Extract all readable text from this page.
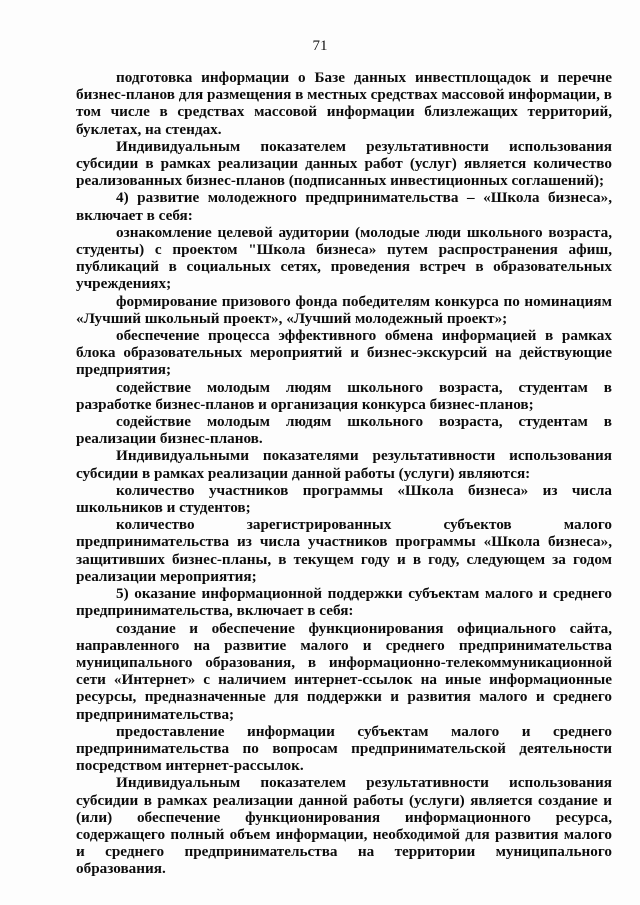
71

подготовка информации о Базе данных инвестплощадок и перечне бизнес-планов для размещения в местных средствах массовой информации, в том числе в средствах массовой информации близлежащих территорий, буклетах, на стендах.

Индивидуальным показателем результативности использования субсидии в рамках реализации данных работ (услуг) является количество реализованных бизнес-планов (подписанных инвестиционных соглашений);

4) развитие молодежного предпринимательства – «Школа бизнеса», включает в себя:

ознакомление целевой аудитории (молодые люди школьного возраста, студенты) с проектом "Школа бизнеса» путем распространения афиш, публикаций в социальных сетях, проведения встреч в образовательных учреждениях;

формирование призового фонда победителям конкурса по номинациям «Лучший школьный проект», «Лучший молодежный проект»;

обеспечение процесса эффективного обмена информацией в рамках блока образовательных мероприятий и бизнес-экскурсий на действующие предприятия;

содействие молодым людям школьного возраста, студентам в разработке бизнес-планов и организация конкурса бизнес-планов;

содействие молодым людям школьного возраста, студентам в реализации бизнес-планов.

Индивидуальными показателями результативности использования субсидии в рамках реализации данной работы (услуги) являются:

количество участников программы «Школа бизнеса» из числа школьников и студентов;

количество зарегистрированных субъектов малого предпринимательства из числа участников программы «Школа бизнеса», защитивших бизнес-планы, в текущем году и в году, следующем за годом реализации мероприятия;

5) оказание информационной поддержки субъектам малого и среднего предпринимательства, включает в себя:

создание и обеспечение функционирования официального сайта, направленного на развитие малого и среднего предпринимательства муниципального образования, в информационно-телекоммуникационной сети «Интернет» с наличием интернет-ссылок на иные информационные ресурсы, предназначенные для поддержки и развития малого и среднего предпринимательства;

предоставление информации субъектам малого и среднего предпринимательства по вопросам предпринимательской деятельности посредством интернет-рассылок.

Индивидуальным показателем результативности использования субсидии в рамках реализации данной работы (услуги) является создание и (или) обеспечение функционирования информационного ресурса, содержащего полный объем информации, необходимой для развития малого и среднего предпринимательства на территории муниципального образования.
